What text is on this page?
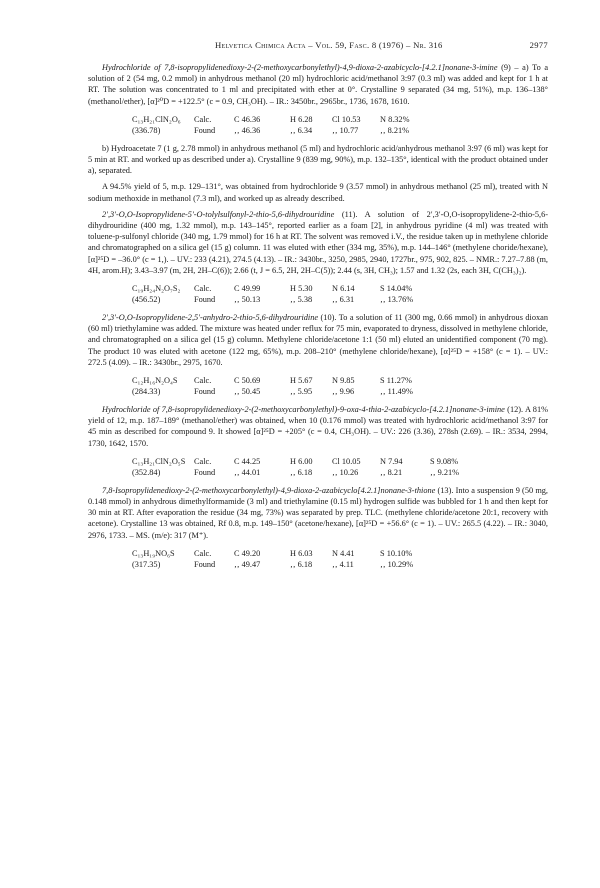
Helvetica Chimica Acta – Vol. 59, Fasc. 8 (1976) – Nr. 316	2977

Hydrochloride of 7,8-isopropylidenedioxy-2-(2-methoxycarbonylethyl)-4,9-dioxa-2-azabicyclo-[4.2.1]nonane-3-imine (9) – a) To a solution of 2 (54 mg, 0.2 mmol) in anhydrous methanol (20 ml) hydrochloric acid/methanol 3:97 (0.3 ml) was added and kept for 1 h at RT. The solution was concentrated to 1 ml and precipitated with ether at 0°. Crystalline 9 separated (34 mg, 51%), m.p. 136–138° (methanol/ether), [α]²⁰D = +122.5° (c = 0.9, CH₃OH). – IR.: 3450br., 2965br., 1736, 1678, 1610.

C₁₃H₂₁ClN₂O₆	Calc.	C 46.36	H 6.28	Cl 10.53	N 8.32%
(336.78)	Found	‚‚ 46.36	‚‚ 6.34	‚‚ 10.77	‚‚ 8.21%

b) Hydroacetate 7 (1 g, 2.78 mmol) in anhydrous methanol (5 ml) and hydrochloric acid/anhydrous methanol 3:97 (6 ml) was kept for 5 min at RT. and worked up as described under a). Crystalline 9 (839 mg, 90%), m.p. 132–135°, identical with the product obtained under a), separated.

A 94.5% yield of 5, m.p. 129–131°, was obtained from hydrochloride 9 (3.57 mmol) in anhydrous methanol (25 ml), treated with N sodium methoxide in methanol (7.3 ml), and worked up as already described.

2′,3′-O,O-Isopropylidene-5′-O-tolylsulfonyl-2-thio-5,6-dihydrouridine (11). A solution of 2′,3′-O,O-isopropylidene-2-thio-5,6-dihydrouridine (400 mg, 1.32 mmol), m.p. 143–145°, reported earlier as a foam [2], in anhydrous pyridine (4 ml) was treated with toluene-p-sulfonyl chloride (340 mg, 1.79 mmol) for 16 h at RT. The solvent was removed i.V., the residue taken up in methylene chloride and chromatographed on a silica gel (15 g) column. 11 was eluted with ether (334 mg, 35%), m.p. 144–146° (methylene choride/hexane), [α]²⁵D = –36.0° (c = 1,). – UV.: 233 (4.21), 274.5 (4.13). – IR.: 3430br., 3250, 2985, 2940, 1727br., 975, 902, 825. – NMR.: 7.27–7.88 (m, 4H, arom.H); 3.43–3.97 (m, 2H, 2H–C(6)); 2.66 (t, J = 6.5, 2H, 2H–C(5)); 2.44 (s, 3H, CH₃); 1.57 and 1.32 (2s, each 3H, C(CH₃)₂).

C₁₉H₂₄N₂O₇S₂	Calc.	C 49.99	H 5.30	N 6.14	S 14.04%
(456.52)	Found	‚‚ 50.13	‚‚ 5.38	‚‚ 6.31	‚‚ 13.76%

2′,3′-O,O-Isopropylidene-2,5′-anhydro-2-thio-5,6-dihydrouridine (10). To a solution of 11 (300 mg, 0.66 mmol) in anhydrous dioxan (60 ml) triethylamine was added. The mixture was heated under reflux for 75 min, evaporated to dryness, dissolved in methylene chloride, and chromatographed on a silica gel (15 g) column. Methylene chloride/acetone 1:1 (50 ml) eluted an unidentified component (70 mg). The product 10 was eluted with acetone (122 mg, 65%), m.p. 208–210° (methylene chloride/hexane), [α]²⁵D = +158° (c = 1). – UV.: 272.5 (4.09). – IR.: 3430br., 2975, 1670.

C₁₂H₁₆N₂O₄S	Calc.	C 50.69	H 5.67	N 9.85	S 11.27%
(284.33)	Found	‚‚ 50.45	‚‚ 5.95	‚‚ 9.96	‚‚ 11.49%

Hydrochloride of 7,8-isopropylidenedioxy-2-(2-methoxycarbonylethyl)-9-oxa-4-thia-2-azabicyclo-[4.2.1]nonane-3-imine (12). A 81% yield of 12, m.p. 187–189° (methanol/ether) was obtained, when 10 (0.176 mmol) was treated with hydrochloric acid/methanol 3:97 for 45 min as described for compound 9. It showed [α]²⁵D = +205° (c = 0.4, CH₃OH). – UV.: 226 (3.36), 278sh (2.69). – IR.: 3534, 2994, 1730, 1642, 1570.

C₁₃H₂₁ClN₂O₅S	Calc.	C 44.25	H 6.00	Cl 10.05	N 7.94	S 9.08%
(352.84)	Found	‚‚ 44.01	‚‚ 6.18	‚‚ 10.26	‚‚ 8.21	‚‚ 9.21%

7,8-Isopropylidenedioxy-2-(2-methoxycarbonylethyl)-4,9-dioxa-2-azabicyclo[4.2.1]nonane-3-thione (13). Into a suspension 9 (50 mg, 0.148 mmol) in anhydrous dimethylformamide (3 ml) and triethylamine (0.15 ml) hydrogen sulfide was bubbled for 1 h and then kept for 30 min at RT. After evaporation the residue (34 mg, 73%) was separated by prep. TLC. (methylene chloride/acetone 20:1, recovery with acetone). Crystalline 13 was obtained, Rf 0.8, m.p. 149–150° (acetone/hexane), [α]²⁵D = +56.6° (c = 1). – UV.: 265.5 (4.22). – IR.: 3040, 2976, 1733. – MS. (m/e): 317 (M⁺).

C₁₃H₁₉NO₆S	Calc.	C 49.20	H 6.03	N 4.41	S 10.10%
(317.35)	Found	‚‚ 49.47	‚‚ 6.18	‚‚ 4.11	‚‚ 10.29%
